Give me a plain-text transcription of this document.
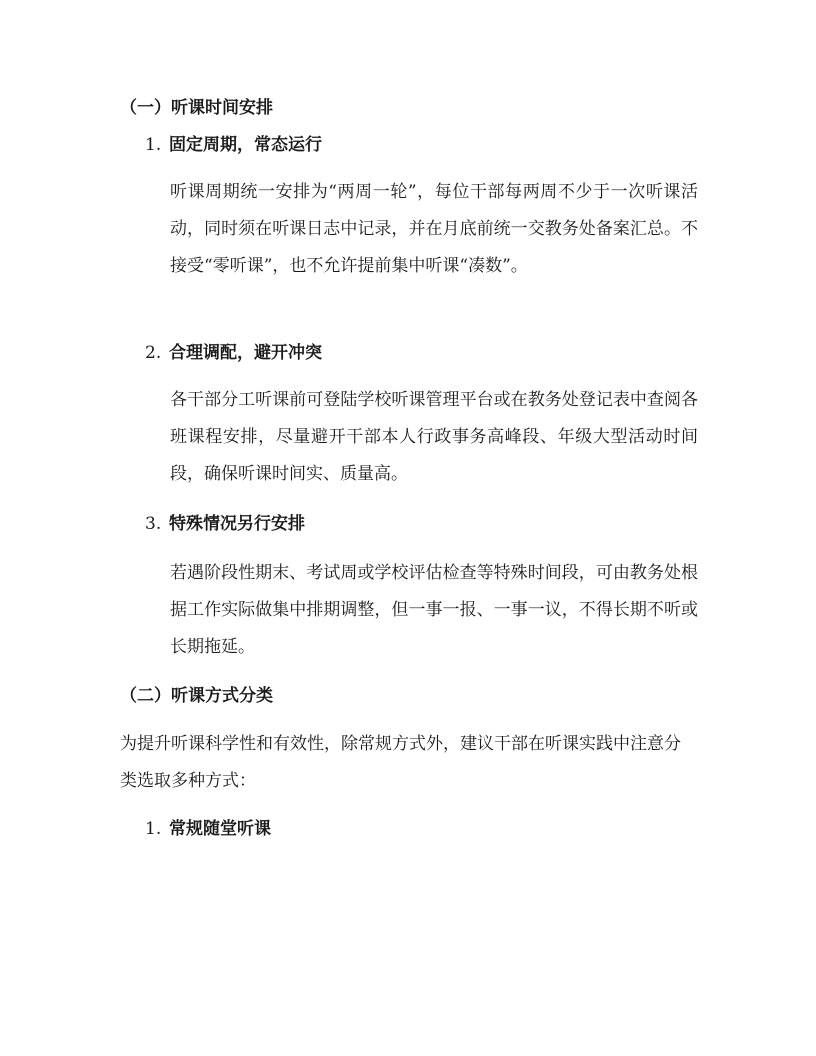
（一）听课时间安排
1. 固定周期，常态运行
听课周期统一安排为“两周一轮”，每位干部每两周不少于一次听课活动，同时须在听课日志中记录，并在月底前统一交教务处备案汇总。不接受“零听课”，也不允许提前集中听课“凑数”。
2. 合理调配，避开冲突
各干部分工听课前可登陆学校听课管理平台或在教务处登记表中查阅各班课程安排，尽量避开干部本人行政事务高峰段、年级大型活动时间段，确保听课时间实、质量高。
3. 特殊情况另行安排
若遇阶段性期末、考试周或学校评估检查等特殊时间段，可由教务处根据工作实际做集中排期调整，但一事一报、一事一议，不得长期不听或长期拖延。
（二）听课方式分类
为提升听课科学性和有效性，除常规方式外，建议干部在听课实践中注意分类选取多种方式：
1. 常规随堂听课
